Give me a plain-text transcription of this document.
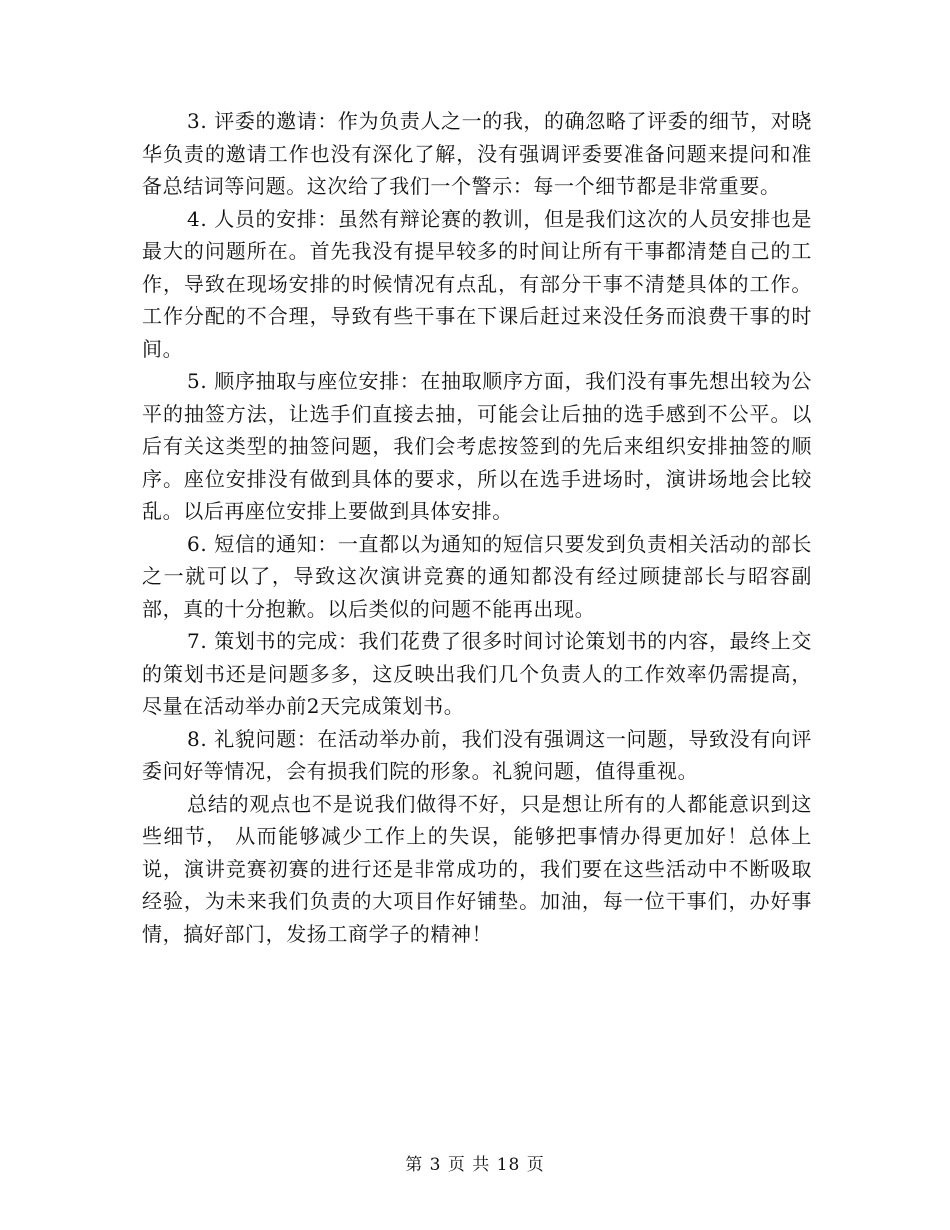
3. 评委的邀请：作为负责人之一的我，的确忽略了评委的细节，对晓华负责的邀请工作也没有深化了解，没有强调评委要准备问题来提问和准备总结词等问题。这次给了我们一个警示：每一个细节都是非常重要。

4. 人员的安排：虽然有辩论赛的教训，但是我们这次的人员安排也是最大的问题所在。首先我没有提早较多的时间让所有干事都清楚自己的工作，导致在现场安排的时候情况有点乱，有部分干事不清楚具体的工作。工作分配的不合理，导致有些干事在下课后赶过来没任务而浪费干事的时间。

5. 顺序抽取与座位安排：在抽取顺序方面，我们没有事先想出较为公平的抽签方法，让选手们直接去抽，可能会让后抽的选手感到不公平。以后有关这类型的抽签问题，我们会考虑按签到的先后来组织安排抽签的顺序。座位安排没有做到具体的要求，所以在选手进场时，演讲场地会比较乱。以后再座位安排上要做到具体安排。

6. 短信的通知：一直都以为通知的短信只要发到负责相关活动的部长之一就可以了，导致这次演讲竞赛的通知都没有经过顾捷部长与昭容副部，真的十分抱歉。以后类似的问题不能再出现。

7. 策划书的完成：我们花费了很多时间讨论策划书的内容，最终上交的策划书还是问题多多，这反映出我们几个负责人的工作效率仍需提高，尽量在活动举办前2天完成策划书。

8. 礼貌问题：在活动举办前，我们没有强调这一问题，导致没有向评委问好等情况，会有损我们院的形象。礼貌问题，值得重视。

总结的观点也不是说我们做得不好，只是想让所有的人都能意识到这些细节， 从而能够减少工作上的失误，能够把事情办得更加好！总体上说，演讲竞赛初赛的进行还是非常成功的，我们要在这些活动中不断吸取经验，为未来我们负责的大项目作好铺垫。加油，每一位干事们，办好事情，搞好部门，发扬工商学子的精神！

第 3 页 共 18 页
